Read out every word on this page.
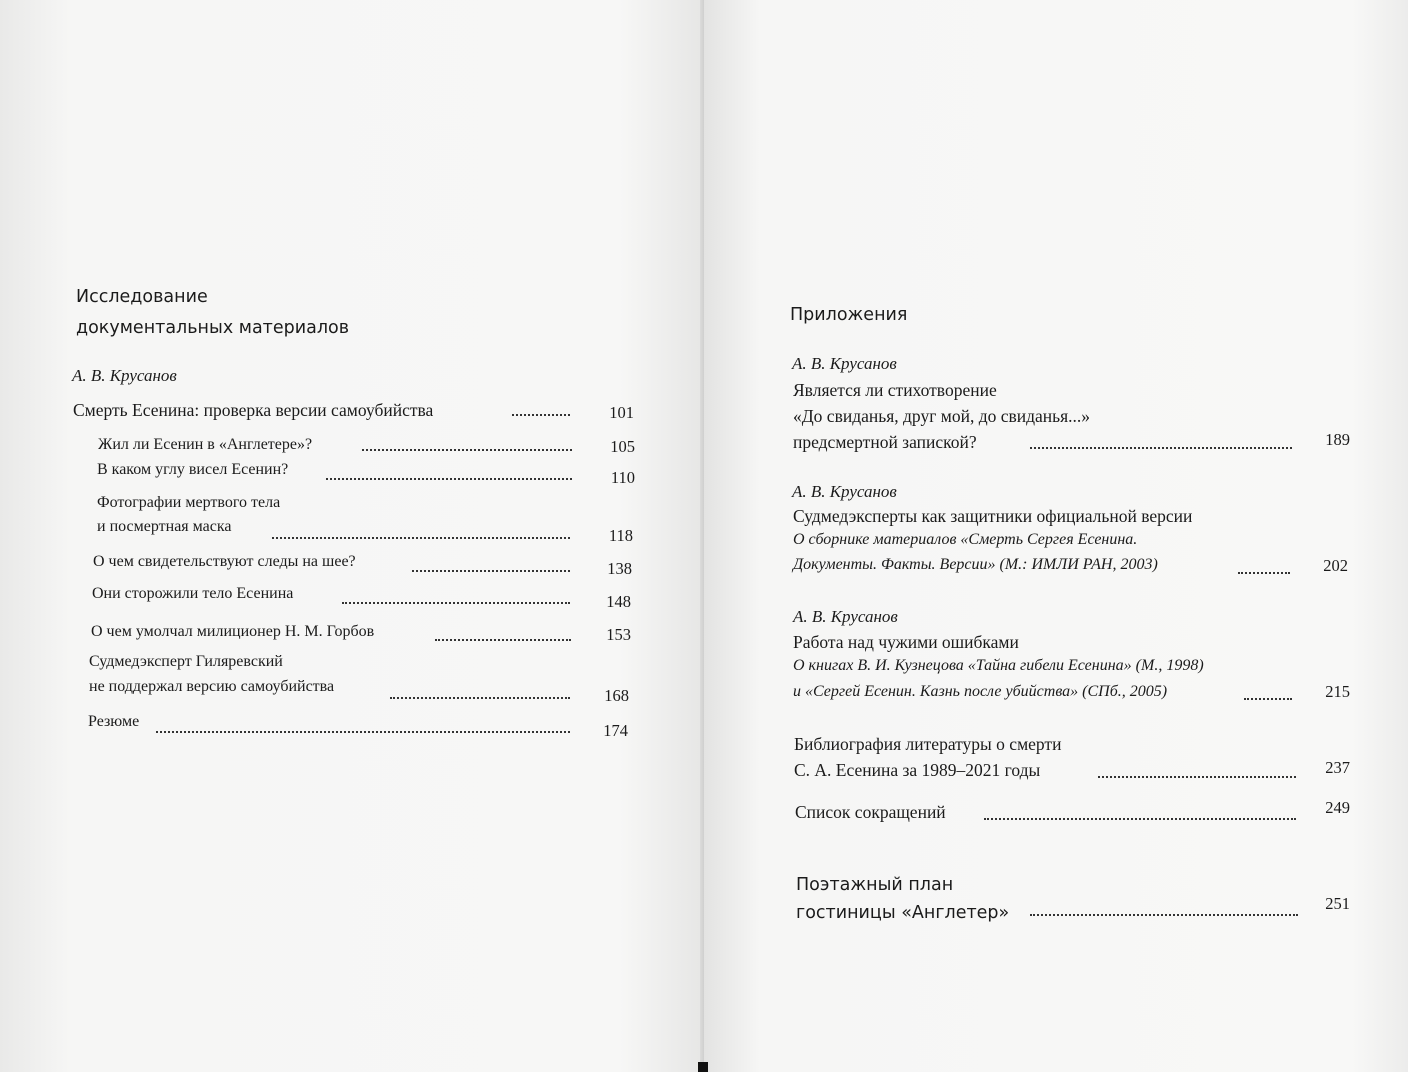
Исследование
документальных материалов
А. В. Крусанов
Смерть Есенина: проверка версии самоубийства	101
Жил ли Есенин в «Англетере»?	105
В каком углу висел Есенин?	110
Фотографии мертвого тела
и посмертная маска	118
О чем свидетельствуют следы на шее?	138
Они сторожили тело Есенина	148
О чем умолчал милиционер Н. М. Горбов	153
Судмедэксперт Гиляревский
не поддержал версию самоубийства	168
Резюме	174
Приложения
А. В. Крусанов
Является ли стихотворение
«До свиданья, друг мой, до свиданья...»
предсмертной запиской?	189
А. В. Крусанов
Судмедэксперты как защитники официальной версии
О сборнике материалов «Смерть Сергея Есенина.
Документы. Факты. Версии» (М.: ИМЛИ РАН, 2003)	202
А. В. Крусанов
Работа над чужими ошибками
О книгах В. И. Кузнецова «Тайна гибели Есенина» (М., 1998)
и «Сергей Есенин. Казнь после убийства» (СПб., 2005)	215
Библиография литературы о смерти
С. А. Есенина за 1989–2021 годы	237
Список сокращений	249
Поэтажный план
гостиницы «Англетер»	251
